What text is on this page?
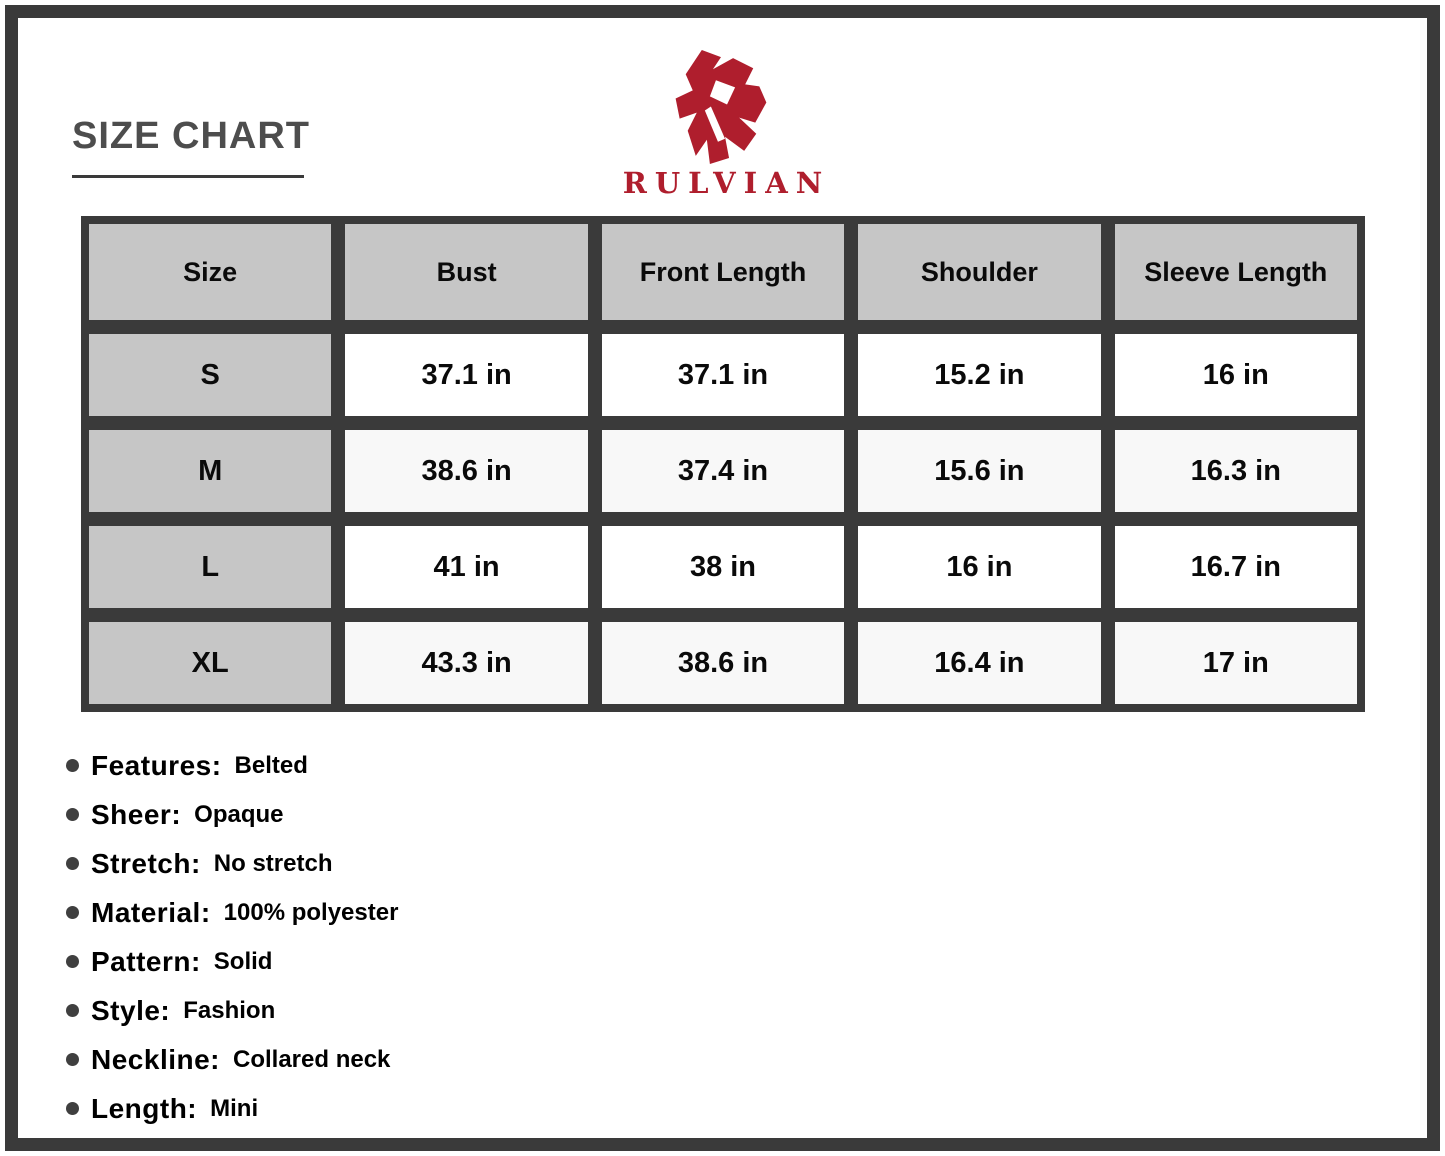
SIZE CHART
RULVIAN
Size	Bust	Front Length	Shoulder	Sleeve Length
S	37.1 in	37.1 in	15.2 in	16 in
M	38.6 in	37.4 in	15.6 in	16.3 in
L	41 in	38 in	16 in	16.7 in
XL	43.3 in	38.6 in	16.4 in	17 in
Features: Belted
Sheer: Opaque
Stretch: No stretch
Material: 100% polyester
Pattern: Solid
Style: Fashion
Neckline: Collared neck
Length: Mini
